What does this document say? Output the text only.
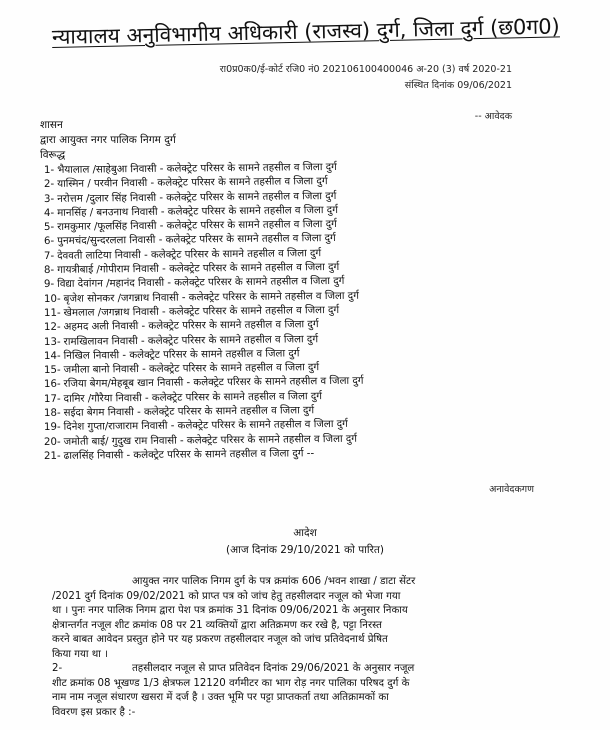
न्यायालय अनुविभागीय अधिकारी (राजस्व) दुर्ग, जिला दुर्ग (छ0ग0)
रा0प्र0क0/ई-कोर्ट रजि0 नं0 202106100400046 अ-20 (3) वर्ष 2020-21
संस्थित दिनांक 09/06/2021
-- आवेदक
शासन
द्वारा आयुक्त नगर पालिक निगम दुर्ग
विरूद्ध
1- भैयालाल /साहेबुआ निवासी - कलेक्ट्रेट परिसर के सामने तहसील व जिला दुर्ग
2- यास्मिन / परवीन निवासी - कलेक्ट्रेट परिसर के सामने तहसील व जिला दुर्ग
3- नरोत्तम /दुलार सिंह निवासी - कलेक्ट्रेट परिसर के सामने तहसील व जिला दुर्ग
4- मानसिंह / बनउनाथ निवासी - कलेक्ट्रेट परिसर के सामने तहसील व जिला दुर्ग
5- रामकुमार /फूलसिंह निवासी - कलेक्ट्रेट परिसर के सामने तहसील व जिला दुर्ग
6- पुनमचंद/सुन्दरलला निवासी - कलेक्ट्रेट परिसर के सामने तहसील व जिला दुर्ग
7- देववती लाटिया निवासी - कलेक्ट्रेट परिसर के सामने तहसील व जिला दुर्ग
8- गायत्रीबाई /गोपीराम निवासी - कलेक्ट्रेट परिसर के सामने तहसील व जिला दुर्ग
9- विद्या देवांगन /महानंद निवासी - कलेक्ट्रेट परिसर के सामने तहसील व जिला दुर्ग
10- बृजेश सोनकर /जगन्नाथ निवासी - कलेक्ट्रेट परिसर के सामने तहसील व जिला दुर्ग
11- खेमलाल /जगन्नाथ निवासी - कलेक्ट्रेट परिसर के सामने तहसील व जिला दुर्ग
12- अहमद अली निवासी - कलेक्ट्रेट परिसर के सामने तहसील व जिला दुर्ग
13- रामखिलावन निवासी - कलेक्ट्रेट परिसर के सामने तहसील व जिला दुर्ग
14- निखिल निवासी - कलेक्ट्रेट परिसर के सामने तहसील व जिला दुर्ग
15- जमीला बानो निवासी - कलेक्ट्रेट परिसर के सामने तहसील व जिला दुर्ग
16- रजिया बेगम/मेहबूब खान निवासी - कलेक्ट्रेट परिसर के सामने तहसील व जिला दुर्ग
17- दामिर /गौरैया निवासी - कलेक्ट्रेट परिसर के सामने तहसील व जिला दुर्ग
18- सईदा बेगम निवासी - कलेक्ट्रेट परिसर के सामने तहसील व जिला दुर्ग
19- दिनेश गुप्ता/राजाराम निवासी - कलेक्ट्रेट परिसर के सामने तहसील व जिला दुर्ग
20- जमोती बाई/ गुदुख राम निवासी - कलेक्ट्रेट परिसर के सामने तहसील व जिला दुर्ग
21- ढालसिंह निवासी - कलेक्ट्रेट परिसर के सामने तहसील व जिला दुर्ग --
अनावेदकगण
आदेश
(आज दिनांक 29/10/2021 को पारित)
आयुक्त नगर पालिक निगम दुर्ग के पत्र क्रमांक 606 /भवन शाखा / डाटा सेंटर
/2021 दुर्ग दिनांक 09/02/2021 को प्राप्त पत्र को जांच हेतु तहसीलदार नजूल को भेजा गया
था । पुनः नगर पालिक निगम द्वारा पेश पत्र क्रमांक 31 दिनांक 09/06/2021 के अनुसार निकाय
क्षेत्रान्तर्गत नजूल शीट क्रमांक 08 पर 21 व्यक्तियों द्वारा अतिक्रमण कर रखे है, पट्टा निरस्त
करने बाबत आवेदन प्रस्तुत होने पर यह प्रकरण तहसीलदार नजूल को जांच प्रतिवेदनार्थ प्रेषित
किया गया था ।
2-	तहसीलदार नजूल से प्राप्त प्रतिवेदन दिनांक 29/06/2021 के अनुसार नजूल
शीट क्रमांक 08 भूखण्ड 1/3 क्षेत्रफल 12120 वर्गमीटर का भाग रोड़ नगर पालिका परिषद दुर्ग के
नाम नाम नजूल संधारण खसरा में दर्ज है । उक्त भूमि पर पट्टा प्राप्तकर्ता तथा अतिक्रामकों का
विवरण इस प्रकार है :-
